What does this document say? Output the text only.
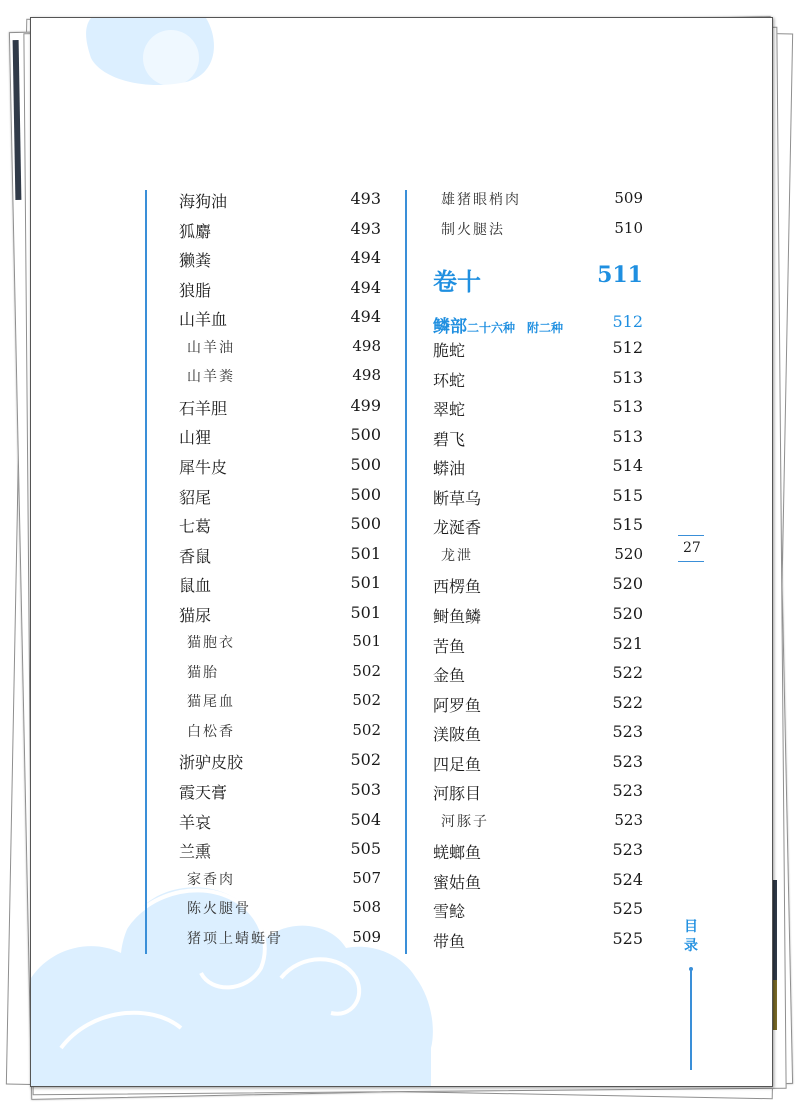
海狗油	493
狐麝	493
獭粪	494
狼脂	494
山羊血	494
山羊油	498
山羊粪	498
石羊胆	499
山狸	500
犀牛皮	500
貂尾	500
七葛	500
香鼠	501
鼠血	501
猫尿	501
猫胞衣	501
猫胎	502
猫尾血	502
白松香	502
浙驴皮胶	502
霞天膏	503
羊哀	504
兰熏	505
家香肉	507
陈火腿骨	508
猪项上蜻蜓骨	509
雄猪眼梢肉	509
制火腿法	510
卷十	511
鳞部二十六种　附二种	512
脆蛇	512
环蛇	513
翠蛇	513
碧飞	513
蟒油	514
断草乌	515
龙涎香	515
龙泄	520
西楞鱼	520
鲥鱼鳞	520
苦鱼	521
金鱼	522
阿罗鱼	522
渼陂鱼	523
四足鱼	523
河豚目	523
河豚子	523
蜣螂鱼	523
蜜姑鱼	524
雪鲶	525
带鱼	525
27
目录
